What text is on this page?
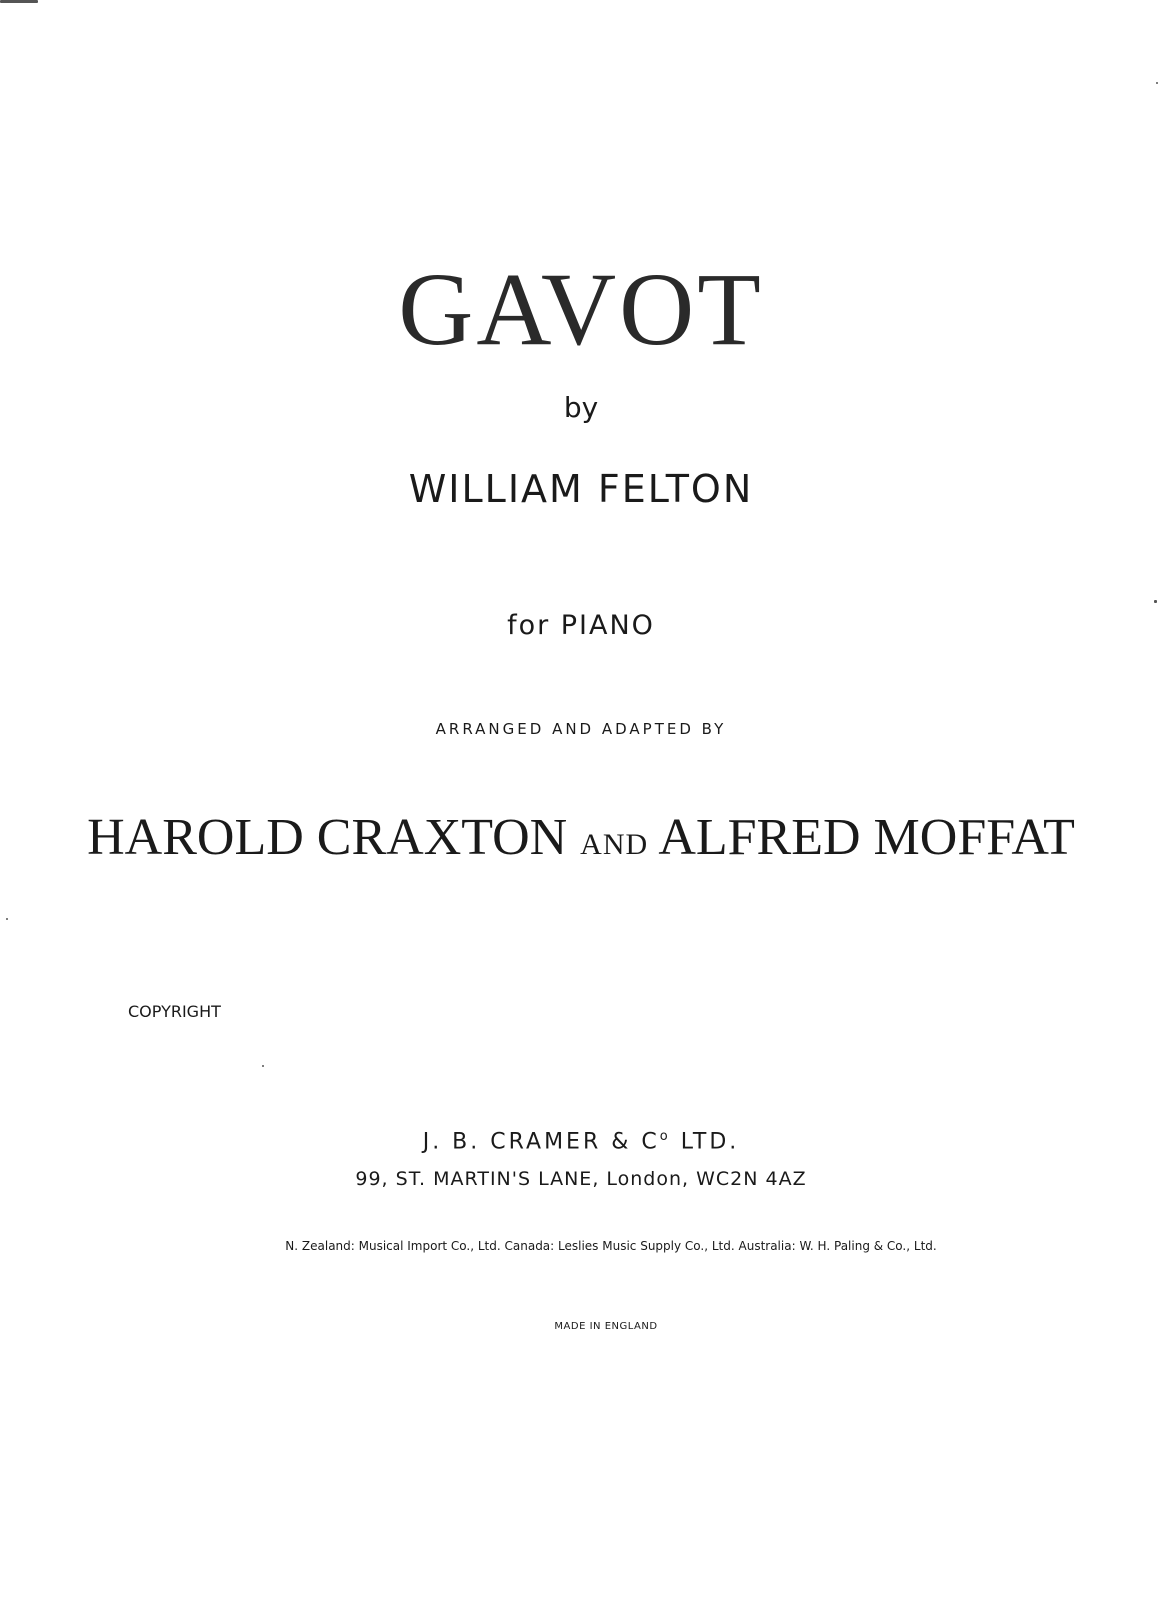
GAVOT
by
WILLIAM FELTON
for PIANO
ARRANGED AND ADAPTED BY
HAROLD CRAXTON AND ALFRED MOFFAT
COPYRIGHT
J. B. CRAMER & $C^o$ LTD.
99, ST. MARTIN'S LANE, London, WC2N 4AZ
N. Zealand: Musical Import Co., Ltd. Canada: Leslies Music Supply Co., Ltd. Australia: W. H. Paling & Co., Ltd.
MADE IN ENGLAND
